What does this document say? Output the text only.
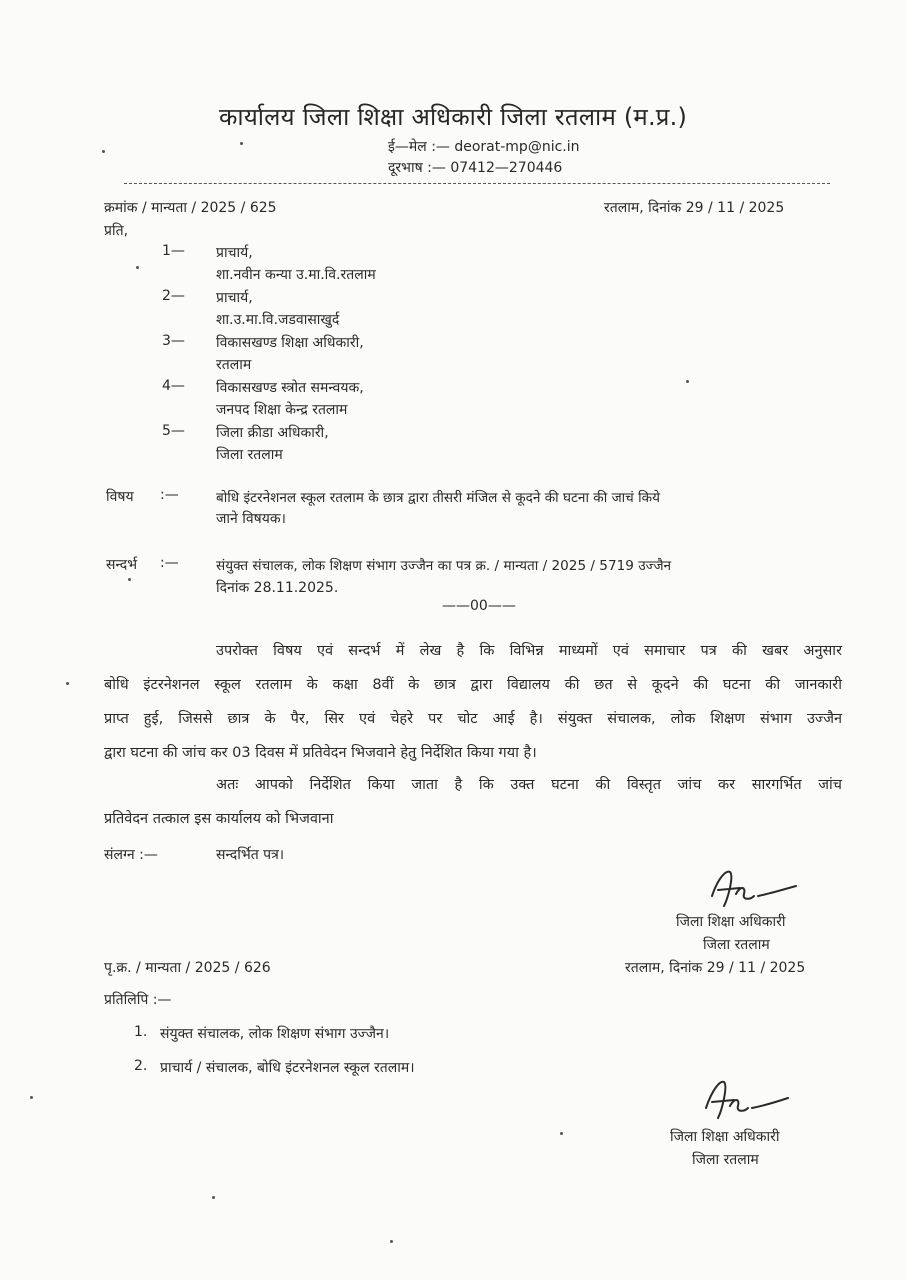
कार्यालय जिला शिक्षा अधिकारी जिला रतलाम (म.प्र.)
ई—मेल :— deorat-mp@nic.in
दूरभाष :— 07412—270446
क्रमांक / मान्यता / 2025 / 625	रतलाम, दिनांक 29 / 11 / 2025
प्रति,
1— प्राचार्य,
शा.नवीन कन्या उ.मा.वि.रतलाम
2— प्राचार्य,
शा.उ.मा.वि.जडवासाखुर्द
3— विकासखण्ड शिक्षा अधिकारी,
रतलाम
4— विकासखण्ड स्त्रोत समन्वयक,
जनपद शिक्षा केन्द्र रतलाम
5— जिला क्रीडा अधिकारी,
जिला रतलाम
विषय :—	बोधि इंटरनेशनल स्कूल रतलाम के छात्र द्वारा तीसरी मंजिल से कूदने की घटना की जाचं किये
जाने विषयक।
सन्दर्भ :—	संयुक्त संचालक, लोक शिक्षण संभाग उज्जैन का पत्र क्र. / मान्यता / 2025 / 5719 उज्जैन
दिनांक 28.11.2025.
——00——
उपरोक्त विषय एवं सन्दर्भ में लेख है कि विभिन्न माध्यमों एवं समाचार पत्र की खबर अनुसार
बोधि इंटरनेशनल स्कूल रतलाम के कक्षा 8वीं के छात्र द्वारा विद्यालय की छत से कूदने की घटना की जानकारी
प्राप्त हुई, जिससे छात्र के पैर, सिर एवं चेहरे पर चोट आई है। संयुक्त संचालक, लोक शिक्षण संभाग उज्जैन
द्वारा घटना की जांच कर 03 दिवस में प्रतिवेदन भिजवाने हेतु निर्देशित किया गया है।
अतः आपको निर्देशित किया जाता है कि उक्त घटना की विस्तृत जांच कर सारगर्भित जांच
प्रतिवेदन तत्काल इस कार्यालय को भिजवाना
संलग्न :—	सन्दर्भित पत्र।
जिला शिक्षा अधिकारी
जिला रतलाम
पृ.क्र. / मान्यता / 2025 / 626	रतलाम, दिनांक 29 / 11 / 2025
प्रतिलिपि :—
1. संयुक्त संचालक, लोक शिक्षण संभाग उज्जैन।
2. प्राचार्य / संचालक, बोधि इंटरनेशनल स्कूल रतलाम।
जिला शिक्षा अधिकारी
जिला रतलाम
